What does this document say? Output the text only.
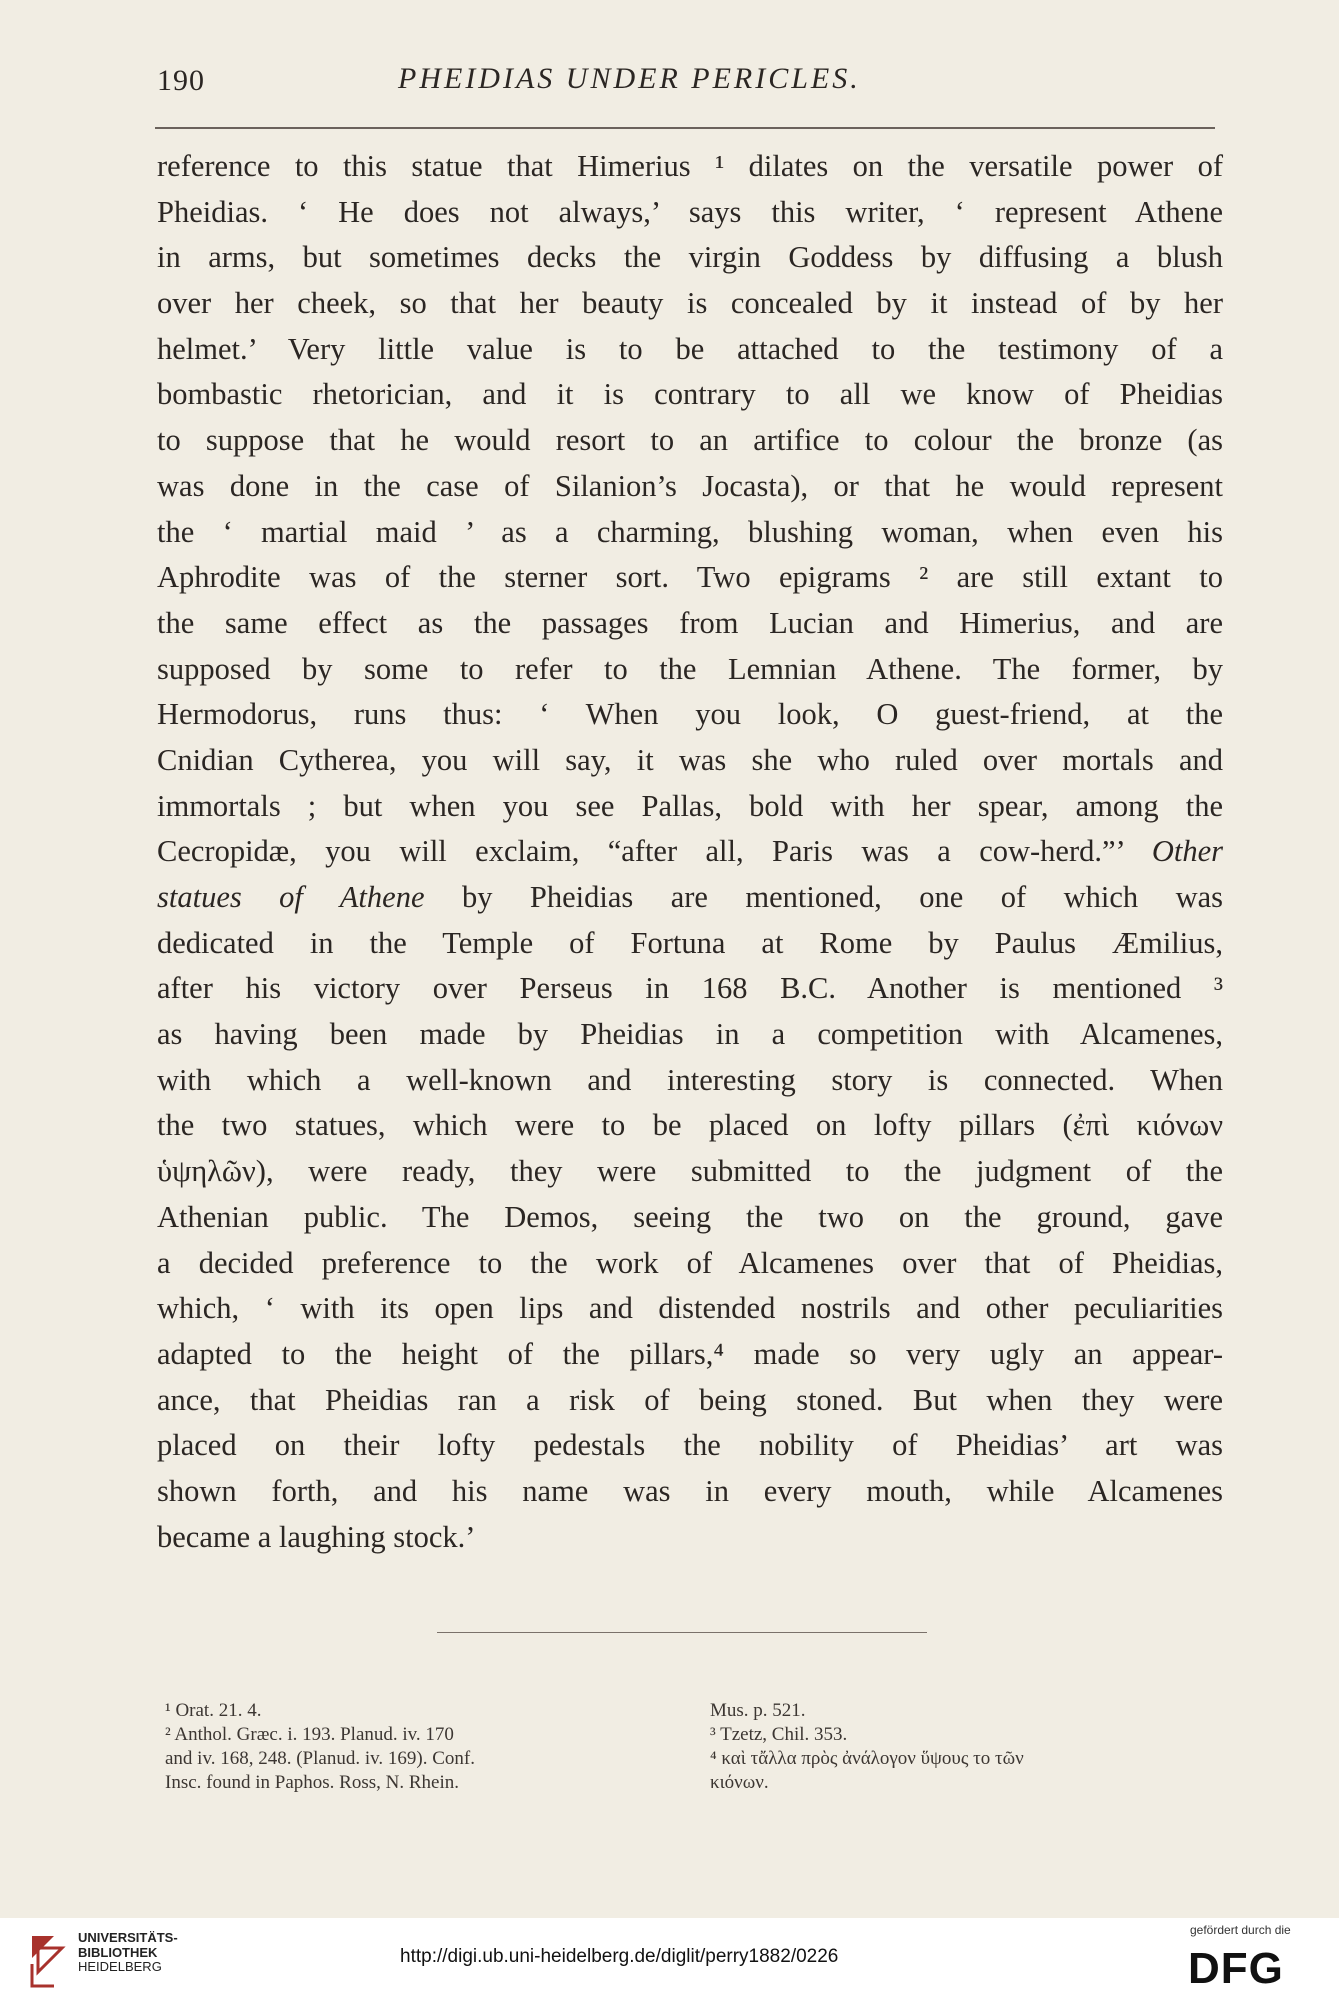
190	PHEIDIAS UNDER PERICLES.
reference to this statue that Himerius ¹ dilates on the versatile power of
Pheidias. ‘ He does not always,’ says this writer, ‘ represent Athene
in arms, but sometimes decks the virgin Goddess by diffusing a blush
over her cheek, so that her beauty is concealed by it instead of by her
helmet.’ Very little value is to be attached to the testimony of a
bombastic rhetorician, and it is contrary to all we know of Pheidias
to suppose that he would resort to an artifice to colour the bronze (as
was done in the case of Silanion’s Jocasta), or that he would represent
the ‘ martial maid ’ as a charming, blushing woman, when even his
Aphrodite was of the sterner sort. Two epigrams ² are still extant to
the same effect as the passages from Lucian and Himerius, and are
supposed by some to refer to the Lemnian Athene. The former, by
Hermodorus, runs thus: ‘ When you look, O guest-friend, at the
Cnidian Cytherea, you will say, it was she who ruled over mortals and
immortals ; but when you see Pallas, bold with her spear, among the
Cecropidæ, you will exclaim, “after all, Paris was a cow-herd.”’ Other
statues of Athene by Pheidias are mentioned, one of which was
dedicated in the Temple of Fortuna at Rome by Paulus Æmilius,
after his victory over Perseus in 168 B.C. Another is mentioned ³
as having been made by Pheidias in a competition with Alcamenes,
with which a well-known and interesting story is connected. When
the two statues, which were to be placed on lofty pillars (ἐπὶ κιόνων
ὑψηλῶν), were ready, they were submitted to the judgment of the
Athenian public. The Demos, seeing the two on the ground, gave
a decided preference to the work of Alcamenes over that of Pheidias,
which, ‘ with its open lips and distended nostrils and other peculiarities
adapted to the height of the pillars,⁴ made so very ugly an appear-
ance, that Pheidias ran a risk of being stoned. But when they were
placed on their lofty pedestals the nobility of Pheidias’ art was
shown forth, and his name was in every mouth, while Alcamenes
became a laughing stock.’
¹ Orat. 21. 4.
² Anthol. Græc. i. 193. Planud. iv. 170
and iv. 168, 248. (Planud. iv. 169). Conf.
Insc. found in Paphos. Ross, N. Rhein.
Mus. p. 521.
³ Tzetz, Chil. 353.
⁴ καὶ τἄλλα πρὸς ἀνάλογον ὕψους το τῶν
κιόνων.
UNIVERSITÄTS-
BIBLIOTHEK
HEIDELBERG	http://digi.ub.uni-heidelberg.de/diglit/perry1882/0226
gefördert durch die
DFG
